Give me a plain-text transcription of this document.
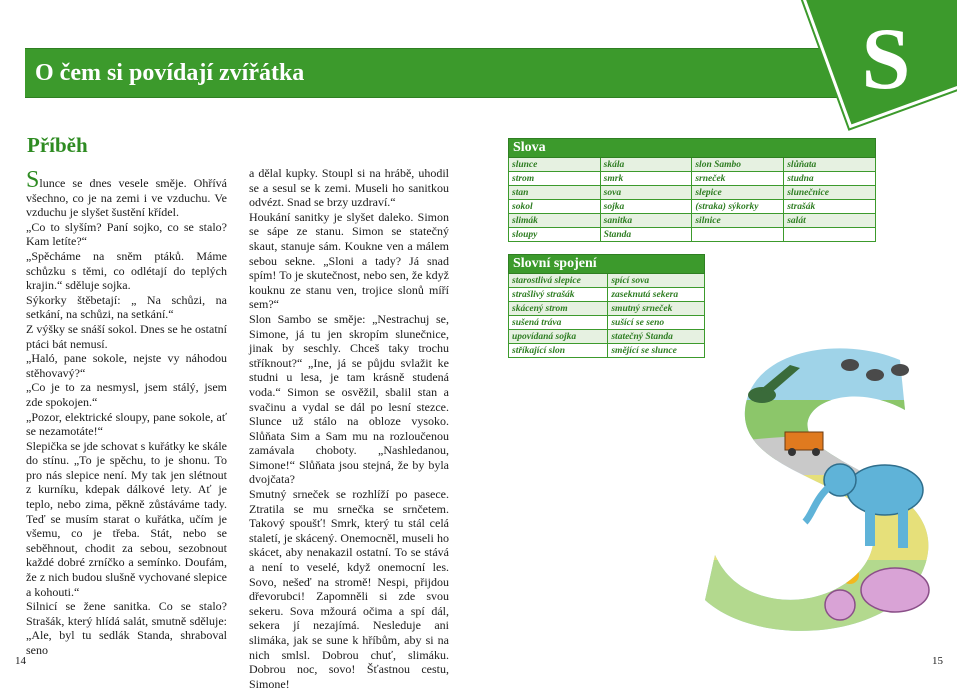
O čem si povídají zvířátka	S
Příběh

Slunce se dnes vesele směje. Ohřívá všechno, co je na zemi i ve vzduchu. Ve vzduchu je slyšet šustění křídel.

„Co to slyším? Paní sojko, co se stalo? Kam letíte?“

„Spěcháme na sněm ptáků. Máme schůzku s těmi, co odlétají do teplých krajin.“ sděluje sojka.

Sýkorky štěbetají: „ Na schůzi, na setkání, na schůzi, na setkání.“

Z výšky se snáší sokol. Dnes se he ostatní ptáci bát nemusí.

„Haló, pane sokole, nejste vy náhodou stěhovavý?“

„Co je to za nesmysl, jsem stálý, jsem zde spokojen.“

„Pozor, elektrické sloupy, pane sokole, ať se nezamotáte!“

Slepička se jde schovat s kuřátky ke skále do stínu. „To je spěchu, to je shonu. To pro nás slepice není. My tak jen slétnout z kurníku, kdepak dálkové lety. Ať je teplo, nebo zima, pěkně zůstáváme tady. Teď se musím starat o kuřátka, učím je všemu, co je třeba. Stát, nebo se seběhnout, chodit za sebou, sezobnout každé dobré zrníčko a semínko. Doufám, že z nich budou slušně vychované slepice a kohouti.“

Silnicí se žene sanitka. Co se stalo? Strašák, který hlídá salát, smutně sděluje: „Ale, byl tu sedlák Standa, shraboval seno

a dělal kupky. Stoupl si na hrábě, uhodil se a sesul se k zemi. Museli ho sanitkou odvézt. Snad se brzy uzdraví.“

Houkání sanitky je slyšet daleko. Simon se sápe ze stanu. Simon se statečný skaut, stanuje sám. Koukne ven a málem sebou sekne. „Sloni a tady? Já snad spím! To je skutečnost, nebo sen, že když kouknu ze stanu ven, trojice slonů míří sem?“

Slon Sambo se směje: „Nestrachuj se, Simone, já tu jen skropím slunečnice, jinak by seschly. Chceš taky trochu stříknout?“ „Ine, já se půjdu svlažit ke studni u lesa, je tam krásně studená voda.“ Simon se osvěžil, sbalil stan a svačinu a vydal se dál po lesní stezce. Slunce už stálo na obloze vysoko. Slůňata Sim a Sam mu na rozloučenou zamávala choboty. „Nashledanou, Simone!“ Slůňata jsou stejná, že by byla dvojčata?

Smutný srneček se rozhlíží po pasece. Ztratila se mu srnečka se srnčetem. Takový spoušť! Smrk, který tu stál celá staletí, je skácený. Onemocněl, museli ho skácet, aby nenakazil ostatní. To se stává a není to veselé, když onemocní les. Sovo, nešeď na stromě! Nespi, přijdou dřevorubci! Zapomněli si zde svou sekeru. Sova mžourá očima a spí dál, sekera jí nezajímá. Nesleduje ani slimáka, jak se sune k hříbům, aby si na nich smlsl. Dobrou chuť, slimáku. Dobrou noc, sovo! Šťastnou cestu, Simone!

Slova			
slunce	skála	slon Sambo	slůňata
strom	smrk	srneček	studna
stan	sova	slepice	slunečnice
sokol	sojka	(straka) sýkorky	strašák
slimák	sanitka	silnice	salát
sloupy	Standa		
Slovní spojení	
starostlivá slepice	spící sova
strašlivý strašák	zaseknutá sekera
skácený strom	smutný srneček
sušená tráva	sušící se seno
upovídaná sojka	statečný Standa
stříkající slon	smějící se slunce
14	15
